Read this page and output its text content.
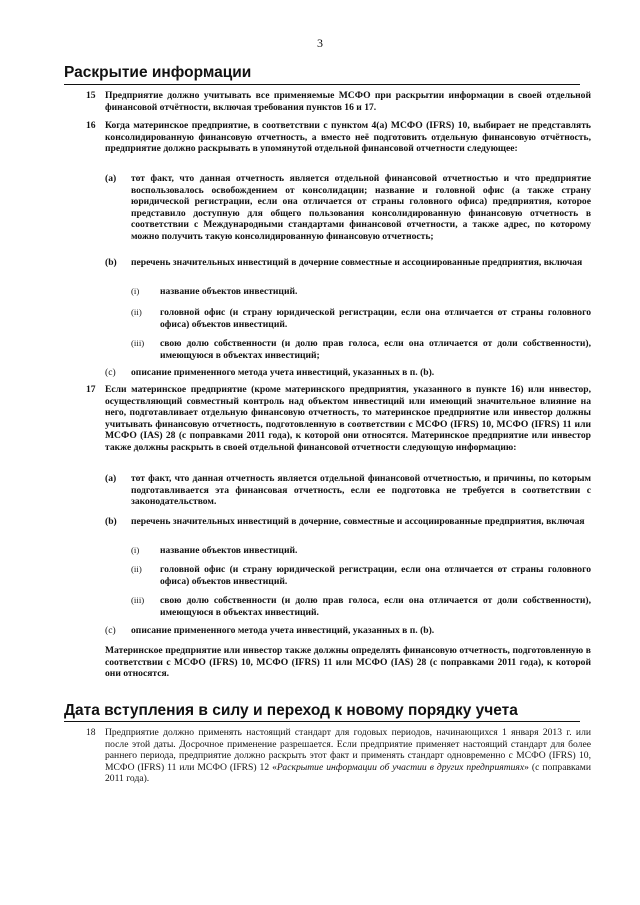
3
Раскрытие информации
15 Предприятие должно учитывать все применяемые МСФО при раскрытии информации в своей отдельной финансовой отчётности, включая требования пунктов 16 и 17.
16 Когда материнское предприятие, в соответствии с пунктом 4(а) МСФО (IFRS) 10, выбирает не представлять консолидированную финансовую отчетность, а вместо неё подготовить отдельную финансовую отчётность, предприятие должно раскрывать в упомянутой отдельной финансовой отчетности следующее:
(a) тот факт, что данная отчетность является отдельной финансовой отчетностью и что предприятие воспользовалось освобождением от консолидации; название и головной офис (а также страну юридической регистрации, если она отличается от страны головного офиса) предприятия, которое представило доступную для общего пользования консолидированную финансовую отчетность в соответствии с Международными стандартами финансовой отчетности, а также адрес, по которому можно получить такую консолидированную финансовую отчетность;
(b) перечень значительных инвестиций в дочерние совместные и ассоциированные предприятия, включая
(i) название объектов инвестиций.
(ii) головной офис (и страну юридической регистрации, если она отличается от страны головного офиса) объектов инвестиций.
(iii) свою долю собственности (и долю прав голоса, если она отличается от доли собственности), имеющуюся в объектах инвестиций;
(c) описание примененного метода учета инвестиций, указанных в п. (b).
17 Если материнское предприятие (кроме материнского предприятия, указанного в пункте 16) или инвестор, осуществляющий совместный контроль над объектом инвестиций или имеющий значительное влияние на него, подготавливает отдельную финансовую отчетность, то материнское предприятие или инвестор должны учитывать финансовую отчетность, подготовленную в соответствии с МСФО (IFRS) 10, МСФО (IFRS) 11 или МСФО (IAS) 28 (с поправками 2011 года), к которой они относятся. Материнское предприятие или инвестор также должны раскрыть в своей отдельной финансовой отчетности следующую информацию:
(a) тот факт, что данная отчетность является отдельной финансовой отчетностью, и причины, по которым подготавливается эта финансовая отчетность, если ее подготовка не требуется в соответствии с законодательством.
(b) перечень значительных инвестиций в дочерние, совместные и ассоциированные предприятия, включая
(i) название объектов инвестиций.
(ii) головной офис (и страну юридической регистрации, если она отличается от страны головного офиса) объектов инвестиций.
(iii) свою долю собственности (и долю прав голоса, если она отличается от доли собственности), имеющуюся в объектах инвестиций.
(c) описание примененного метода учета инвестиций, указанных в п. (b).
Материнское предприятие или инвестор также должны определять финансовую отчетность, подготовленную в соответствии с МСФО (IFRS) 10, МСФО (IFRS) 11 или МСФО (IAS) 28 (с поправками 2011 года), к которой они относятся.
Дата вступления в силу и переход к новому порядку учета
18 Предприятие должно применять настоящий стандарт для годовых периодов, начинающихся 1 января 2013 г. или после этой даты. Досрочное применение разрешается. Если предприятие применяет настоящий стандарт для более раннего периода, предприятие должно раскрыть этот факт и применять стандарт одновременно с МСФО (IFRS) 10, МСФО (IFRS) 11 или МСФО (IFRS) 12 «Раскрытие информации об участии в других предприятиях» (с поправками 2011 года).
